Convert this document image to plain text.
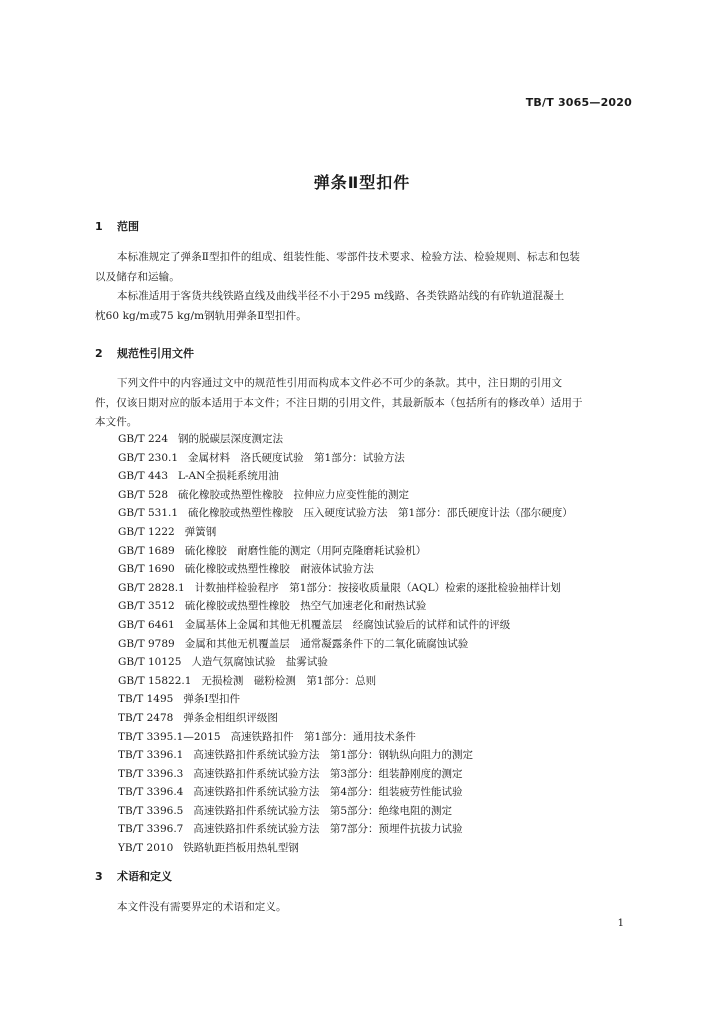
TB/T 3065—2020
弹条Ⅱ型扣件
1 范围
本标准规定了弹条Ⅱ型扣件的组成、组装性能、零部件技术要求、检验方法、检验规则、标志和包装
以及储存和运输。
本标准适用于客货共线铁路直线及曲线半径不小于295 m线路、各类铁路站线的有砟轨道混凝土
枕60 kg/m或75 kg/m钢轨用弹条Ⅱ型扣件。
2 规范性引用文件
下列文件中的内容通过文中的规范性引用而构成本文件必不可少的条款。其中，注日期的引用文
件，仅该日期对应的版本适用于本文件；不注日期的引用文件，其最新版本（包括所有的修改单）适用于
本文件。
GB/T 224 钢的脱碳层深度测定法
GB/T 230.1 金属材料　洛氏硬度试验　第1部分：试验方法
GB/T 443 L-AN全损耗系统用油
GB/T 528 硫化橡胶或热塑性橡胶　拉伸应力应变性能的测定
GB/T 531.1 硫化橡胶或热塑性橡胶　压入硬度试验方法　第1部分：邵氏硬度计法（邵尔硬度）
GB/T 1222 弹簧钢
GB/T 1689 硫化橡胶　耐磨性能的测定（用阿克隆磨耗试验机）
GB/T 1690 硫化橡胶或热塑性橡胶　耐液体试验方法
GB/T 2828.1 计数抽样检验程序　第1部分：按接收质量限（AQL）检索的逐批检验抽样计划
GB/T 3512 硫化橡胶或热塑性橡胶　热空气加速老化和耐热试验
GB/T 6461 金属基体上金属和其他无机覆盖层　经腐蚀试验后的试样和试件的评级
GB/T 9789 金属和其他无机覆盖层　通常凝露条件下的二氧化硫腐蚀试验
GB/T 10125 人造气氛腐蚀试验　盐雾试验
GB/T 15822.1 无损检测　磁粉检测　第1部分：总则
TB/T 1495 弹条Ⅰ型扣件
TB/T 2478 弹条金相组织评级图
TB/T 3395.1—2015 高速铁路扣件　第1部分：通用技术条件
TB/T 3396.1 高速铁路扣件系统试验方法　第1部分：钢轨纵向阻力的测定
TB/T 3396.3 高速铁路扣件系统试验方法　第3部分：组装静刚度的测定
TB/T 3396.4 高速铁路扣件系统试验方法　第4部分：组装疲劳性能试验
TB/T 3396.5 高速铁路扣件系统试验方法　第5部分：绝缘电阻的测定
TB/T 3396.7 高速铁路扣件系统试验方法　第7部分：预埋件抗拔力试验
YB/T 2010 铁路轨距挡板用热轧型钢
3 术语和定义
本文件没有需要界定的术语和定义。
1
